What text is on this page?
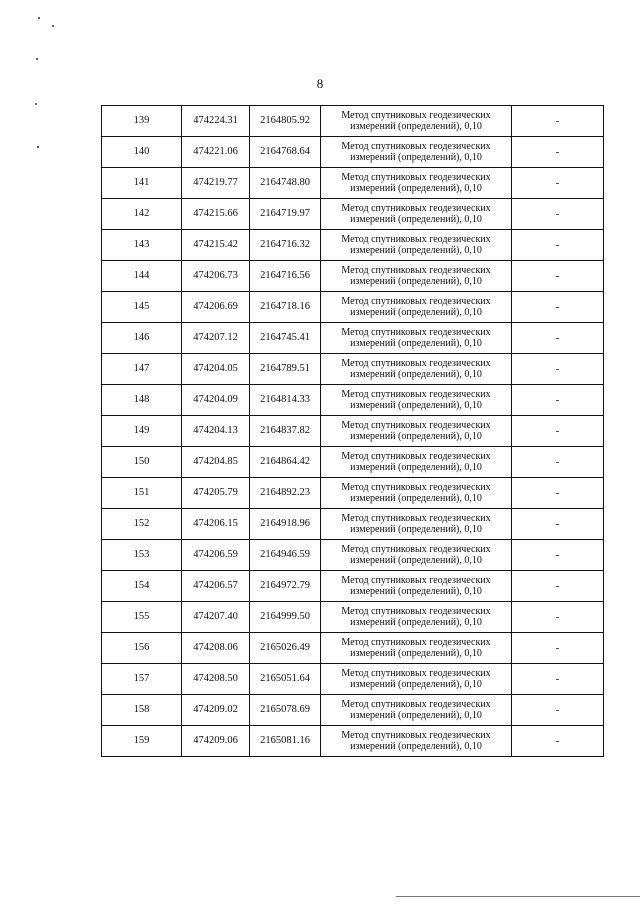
8
139	474224.31	2164805.92	Метод спутниковых геодезических измерений (определений), 0,10	-
140	474221.06	2164768.64	Метод спутниковых геодезических измерений (определений), 0,10	-
141	474219.77	2164748.80	Метод спутниковых геодезических измерений (определений), 0,10	-
142	474215.66	2164719.97	Метод спутниковых геодезических измерений (определений), 0,10	-
143	474215.42	2164716.32	Метод спутниковых геодезических измерений (определений), 0,10	-
144	474206.73	2164716.56	Метод спутниковых геодезических измерений (определений), 0,10	-
145	474206.69	2164718.16	Метод спутниковых геодезических измерений (определений), 0,10	-
146	474207.12	2164745.41	Метод спутниковых геодезических измерений (определений), 0,10	-
147	474204.05	2164789.51	Метод спутниковых геодезических измерений (определений), 0,10	-
148	474204.09	2164814.33	Метод спутниковых геодезических измерений (определений), 0,10	-
149	474204.13	2164837.82	Метод спутниковых геодезических измерений (определений), 0,10	-
150	474204.85	2164864.42	Метод спутниковых геодезических измерений (определений), 0,10	-
151	474205.79	2164892.23	Метод спутниковых геодезических измерений (определений), 0,10	-
152	474206.15	2164918.96	Метод спутниковых геодезических измерений (определений), 0,10	-
153	474206.59	2164946.59	Метод спутниковых геодезических измерений (определений), 0,10	-
154	474206.57	2164972.79	Метод спутниковых геодезических измерений (определений), 0,10	-
155	474207.40	2164999.50	Метод спутниковых геодезических измерений (определений), 0,10	-
156	474208.06	2165026.49	Метод спутниковых геодезических измерений (определений), 0,10	-
157	474208.50	2165051.64	Метод спутниковых геодезических измерений (определений), 0,10	-
158	474209.02	2165078.69	Метод спутниковых геодезических измерений (определений), 0,10	-
159	474209.06	2165081.16	Метод спутниковых геодезических измерений (определений), 0,10	-
